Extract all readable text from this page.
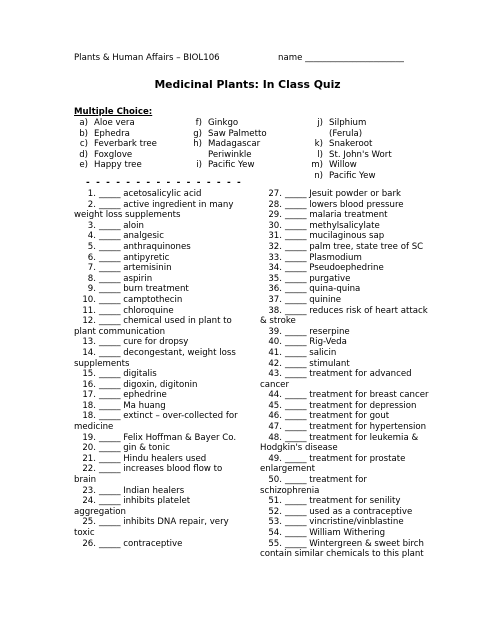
Plants & Human Affairs – BIOL106	name _______________________
Medicinal Plants: In Class Quiz
Multiple Choice:
a) Aloe vera
b) Ephedra
c) Feverbark tree
d) Foxglove
e) Happy tree
f) Ginkgo
g) Saw Palmetto
h) Madagascar Periwinkle
i) Pacific Yew
j) Silphium (Ferula)
k) Snakeroot
l) St. John's Wort
m) Willow
n) Pacific Yew
- - - - - - - - - - - - - - - -
1. _____ acetosalicylic acid
2. _____ active ingredient in many
weight loss supplements
3. _____ aloin
4. _____ analgesic
5. _____ anthraquinones
6. _____ antipyretic
7. _____ artemisinin
8. _____ aspirin
9. _____ burn treatment
10. _____ camptothecin
11. _____ chloroquine
12. _____ chemical used in plant to
plant communication
13. _____ cure for dropsy
14. _____ decongestant, weight loss
supplements
15. _____ digitalis
16. _____ digoxin, digitonin
17. _____ ephedrine
18. _____ Ma huang
18. _____ extinct – over-collected for
medicine
19. _____ Felix Hoffman & Bayer Co.
20. _____ gin & tonic
21. _____ Hindu healers used
22. _____ increases blood flow to
brain
23. _____ Indian healers
24. _____ inhibits platelet
aggregation
25. _____ inhibits DNA repair, very
toxic
26. _____ contraceptive
27. _____ Jesuit powder or bark
28. _____ lowers blood pressure
29. _____ malaria treatment
30. _____ methylsalicylate
31. _____ mucilaginous sap
32. _____ palm tree, state tree of SC
33. _____ Plasmodium
34. _____ Pseudoephedrine
35. _____ purgative
36. _____ quina-quina
37. _____ quinine
38. _____ reduces risk of heart attack
& stroke
39. _____ reserpine
40. _____ Rig-Veda
41. _____ salicin
42. _____ stimulant
43. _____ treatment for advanced
cancer
44. _____ treatment for breast cancer
45. _____ treatment for depression
46. _____ treatment for gout
47. _____ treatment for hypertension
48. _____ treatment for leukemia &
Hodgkin's disease
49. _____ treatment for prostate
enlargement
50. _____ treatment for
schizophrenia
51. _____ treatment for senility
52. _____ used as a contraceptive
53. _____ vincristine/vinblastine
54. _____ William Withering
55. _____ Wintergreen & sweet birch
contain similar chemicals to this plant
